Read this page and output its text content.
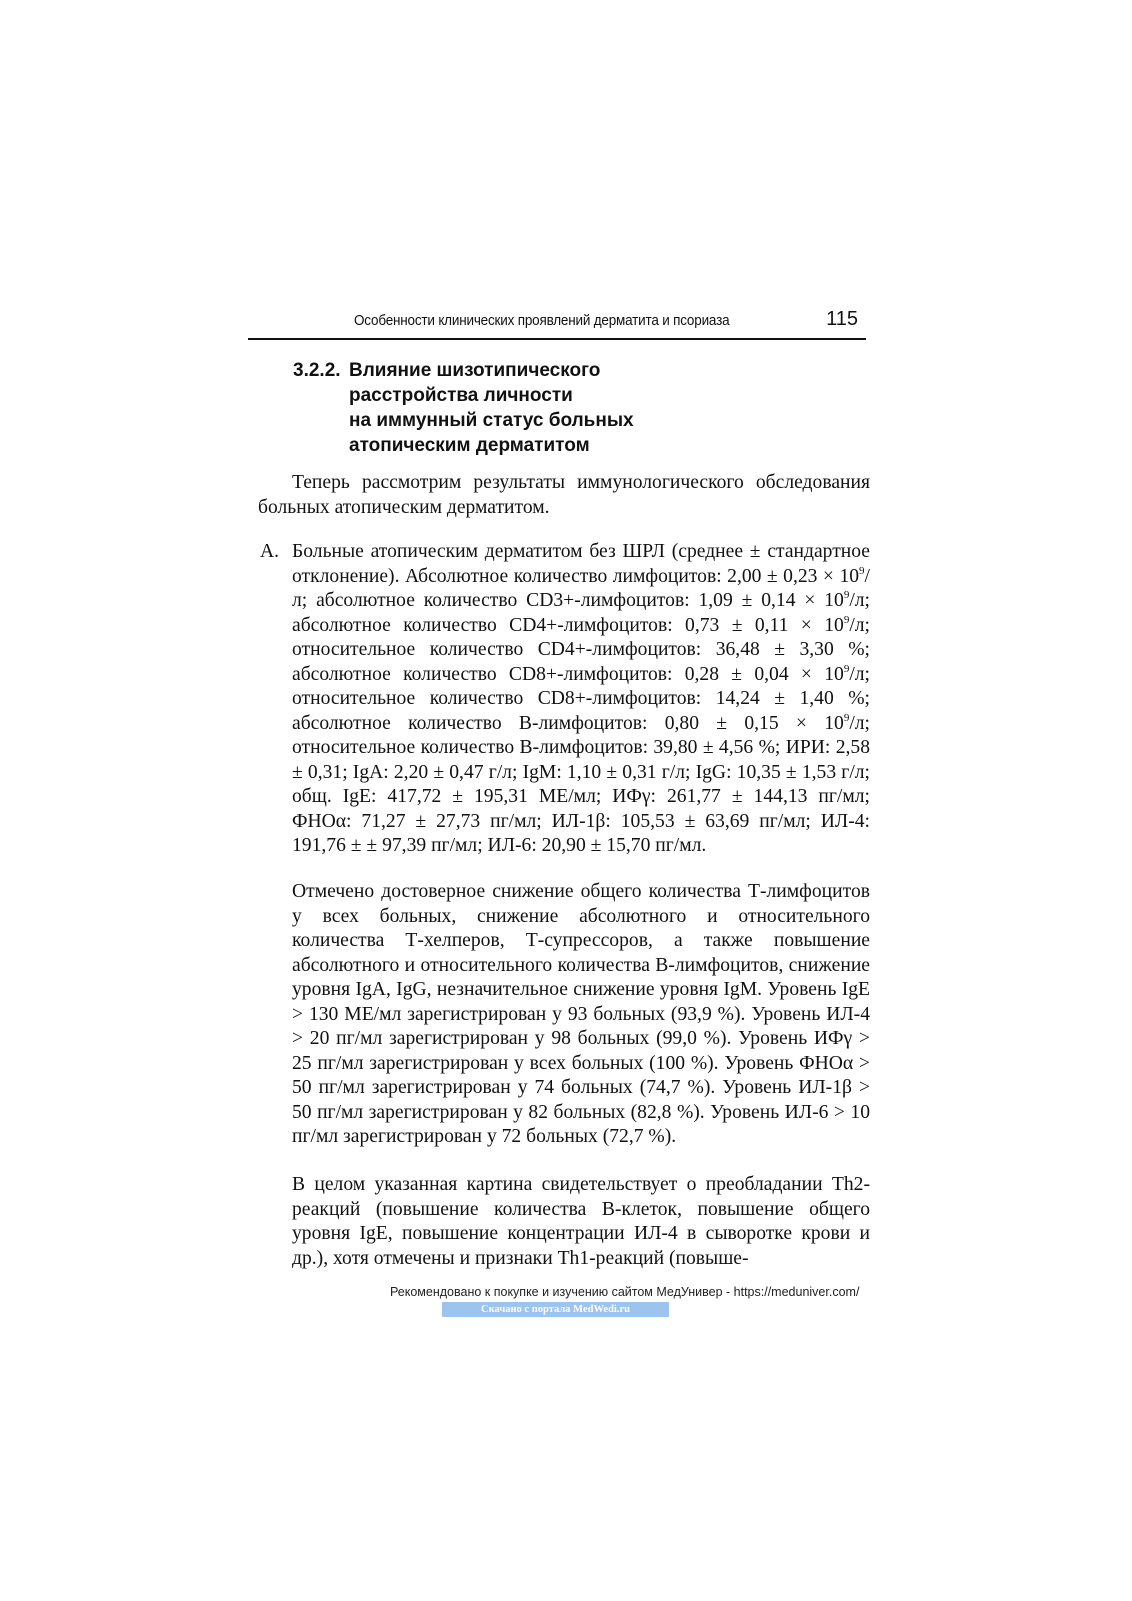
Особенности клинических проявлений дерматита и псориаза	115
3.2.2. Влияние шизотипического
расстройства личности
на иммунный статус больных
атопическим дерматитом

Теперь рассмотрим результаты иммунологического обследования больных атопическим дерматитом.

А. Больные атопическим дерматитом без ШРЛ (среднее ± стандартное отклонение). Абсолютное количество лимфоцитов: $2,00 \pm 0,23 \times 10^9/л$; абсолютное количество CD3+-лимфоцитов: $1,09 \pm 0,14 \times 10^9/л$; абсолютное количество CD4+-лимфоцитов: $0,73 \pm 0,11 \times 10^9/л$; относительное количество CD4+-лимфоцитов: 36,48 ± 3,30 %; абсолютное количество CD8+-лимфоцитов: $0,28 \pm 0,04 \times 10^9/л$; относительное количество CD8+-лимфоцитов: 14,24 ± 1,40 %; абсолютное количество В-лимфоцитов: $0,80 \pm 0,15 \times 10^9/л$; относительное количество В-лимфоцитов: 39,80 ± 4,56 %; ИРИ: 2,58 ± 0,31; IgA: 2,20 ± 0,47 г/л; IgM: 1,10 ± 0,31 г/л; IgG: 10,35 ± 1,53 г/л; общ. IgE: 417,72 ± 195,31 МЕ/мл; ИФγ: 261,77 ± 144,13 пг/мл; ФНОα: 71,27 ± 27,73 пг/мл; ИЛ-1β: 105,53 ± 63,69 пг/мл; ИЛ-4: 191,76 ± ± 97,39 пг/мл; ИЛ-6: 20,90 ± 15,70 пг/мл.

Отмечено достоверное снижение общего количества Т-лимфоцитов у всех больных, снижение абсолютного и относительного количества Т-хелперов, Т-супрессоров, а также повышение абсолютного и относительного количества В-лимфоцитов, снижение уровня IgA, IgG, незначительное снижение уровня IgM. Уровень IgE > 130 МЕ/мл зарегистрирован у 93 больных (93,9 %). Уровень ИЛ-4 > 20 пг/мл зарегистрирован у 98 больных (99,0 %). Уровень ИФγ > 25 пг/мл зарегистрирован у всех больных (100 %). Уровень ФНОα > 50 пг/мл зарегистрирован у 74 больных (74,7 %). Уровень ИЛ-1β > 50 пг/мл зарегистрирован у 82 больных (82,8 %). Уровень ИЛ-6 > 10 пг/мл зарегистрирован у 72 больных (72,7 %).

В целом указанная картина свидетельствует о преобладании Th2-реакций (повышение количества В-клеток, повышение общего уровня IgE, повышение концентрации ИЛ-4 в сыворотке крови и др.), хотя отмечены и признаки Th1-реакций (повыше-

Рекомендовано к покупке и изучению сайтом МедУнивер - https://meduniver.com/
Скачано с портала MedWedi.ru
